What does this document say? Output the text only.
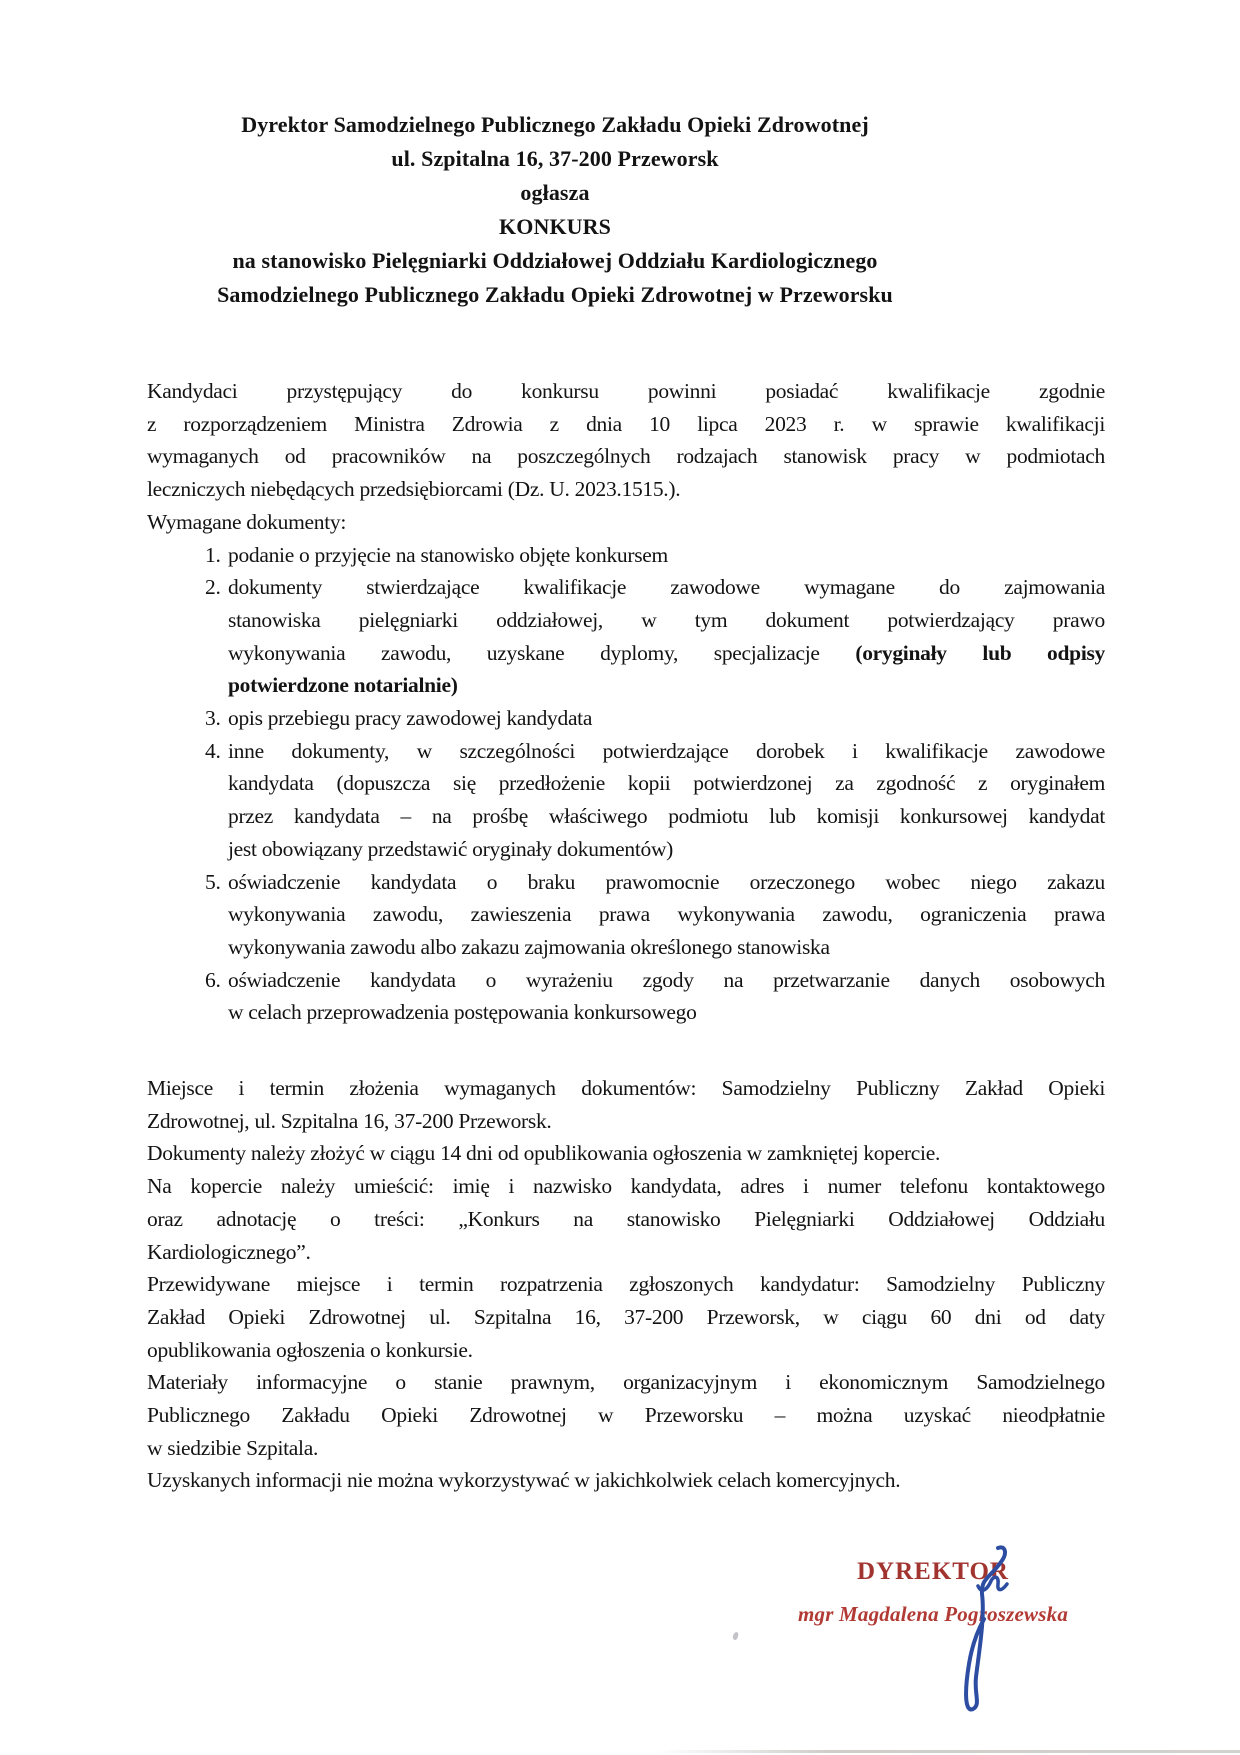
Dyrektor Samodzielnego Publicznego Zakładu Opieki Zdrowotnej
ul. Szpitalna 16, 37-200 Przeworsk
ogłasza
KONKURS
na stanowisko Pielęgniarki Oddziałowej Oddziału Kardiologicznego
Samodzielnego Publicznego Zakładu Opieki Zdrowotnej w Przeworsku
Kandydaci przystępujący do konkursu powinni posiadać kwalifikacje zgodnie
z rozporządzeniem Ministra Zdrowia z dnia 10 lipca 2023 r. w sprawie kwalifikacji
wymaganych od pracowników na poszczególnych rodzajach stanowisk pracy w podmiotach
leczniczych niebędących przedsiębiorcami (Dz. U. 2023.1515.).
Wymagane dokumenty:
1. podanie o przyjęcie na stanowisko objęte konkursem
2. dokumenty stwierdzające kwalifikacje zawodowe wymagane do zajmowania
stanowiska pielęgniarki oddziałowej, w tym dokument potwierdzający prawo
wykonywania zawodu, uzyskane dyplomy, specjalizacje (oryginały lub odpisy
potwierdzone notarialnie)
3. opis przebiegu pracy zawodowej kandydata
4. inne dokumenty, w szczególności potwierdzające dorobek i kwalifikacje zawodowe
kandydata (dopuszcza się przedłożenie kopii potwierdzonej za zgodność z oryginałem
przez kandydata – na prośbę właściwego podmiotu lub komisji konkursowej kandydat
jest obowiązany przedstawić oryginały dokumentów)
5. oświadczenie kandydata o braku prawomocnie orzeczonego wobec niego zakazu
wykonywania zawodu, zawieszenia prawa wykonywania zawodu, ograniczenia prawa
wykonywania zawodu albo zakazu zajmowania określonego stanowiska
6. oświadczenie kandydata o wyrażeniu zgody na przetwarzanie danych osobowych
w celach przeprowadzenia postępowania konkursowego
Miejsce i termin złożenia wymaganych dokumentów: Samodzielny Publiczny Zakład Opieki
Zdrowotnej, ul. Szpitalna 16, 37-200 Przeworsk.
Dokumenty należy złożyć w ciągu 14 dni od opublikowania ogłoszenia w zamkniętej kopercie.
Na kopercie należy umieścić: imię i nazwisko kandydata, adres i numer telefonu kontaktowego
oraz adnotację o treści: „Konkurs na stanowisko Pielęgniarki Oddziałowej Oddziału
Kardiologicznego”.
Przewidywane miejsce i termin rozpatrzenia zgłoszonych kandydatur: Samodzielny Publiczny
Zakład Opieki Zdrowotnej ul. Szpitalna 16, 37-200 Przeworsk, w ciągu 60 dni od daty
opublikowania ogłoszenia o konkursie.
Materiały informacyjne o stanie prawnym, organizacyjnym i ekonomicznym Samodzielnego
Publicznego Zakładu Opieki Zdrowotnej w Przeworsku – można uzyskać nieodpłatnie
w siedzibie Szpitala.
Uzyskanych informacji nie można wykorzystywać w jakichkolwiek celach komercyjnych.
DYREKTOR
mgr Magdalena Pogroszewska
